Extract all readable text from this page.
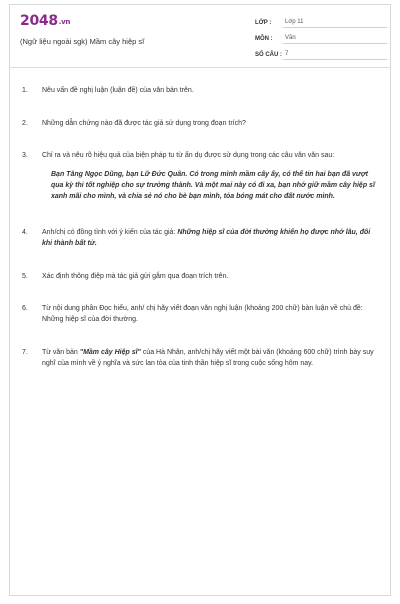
2048.vn
(Ngữ liệu ngoài sgk) Mầm cây hiệp sĩ
LỚP :	Lớp 11
MÔN :	Văn
SỐ CÂU : 7
1.	Nêu vấn đề nghị luận (luận đề) của văn bản trên.
2.	Những dẫn chứng nào đã được tác giả sử dụng trong đoạn trích?
3.	Chỉ ra và nêu rõ hiệu quả của biện pháp tu từ ẩn dụ được sử dụng trong các câu văn văn sau:
Bạn Tăng Ngọc Dũng, bạn Lữ Đức Quân. Có trong mình mầm cây ấy, có thể tin hai bạn đã vượt qua kỳ thi tốt nghiệp cho sự trưởng thành. Và một mai này có đi xa, bạn nhớ giữ mầm cây hiệp sĩ xanh mãi cho mình, và chia sẻ nó cho bè bạn mình, tỏa bóng mát cho đất nước mình.
4.	Anh/chị có đồng tình với ý kiến của tác giả: Những hiệp sĩ của đời thường khiến họ được nhớ lâu, đôi khi thành bất tử.
5.	Xác định thông điệp mà tác giả gửi gắm qua đoạn trích trên.
6.	Từ nội dung phần Đọc hiểu, anh/ chị hãy viết đoạn văn nghị luận (khoảng 200 chữ) bàn luận về chủ đề: Những hiệp sĩ của đời thường.
7.	Từ văn bản "Mầm cây Hiệp sĩ" của Hà Nhân, anh/chị hãy viết một bài văn (khoảng 600 chữ) trình bày suy nghĩ của mình về ý nghĩa và sức lan tỏa của tinh thần hiệp sĩ trong cuộc sống hôm nay.
